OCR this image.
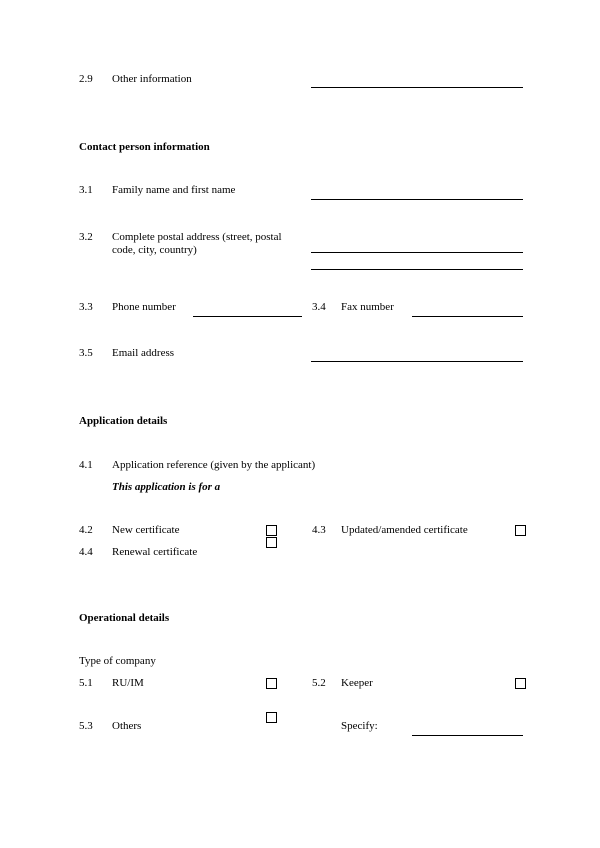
2.9 Other information
Contact person information
3.1 Family name and first name
3.2 Complete postal address (street, postal code, city, country)
3.3 Phone number	3.4 Fax number
3.5 Email address
Application details
4.1 Application reference (given by the applicant)
This application is for a
4.2 New certificate	4.3 Updated/amended certificate
4.4 Renewal certificate
Operational details
Type of company
5.1 RU/IM	5.2 Keeper
5.3 Others	Specify:
